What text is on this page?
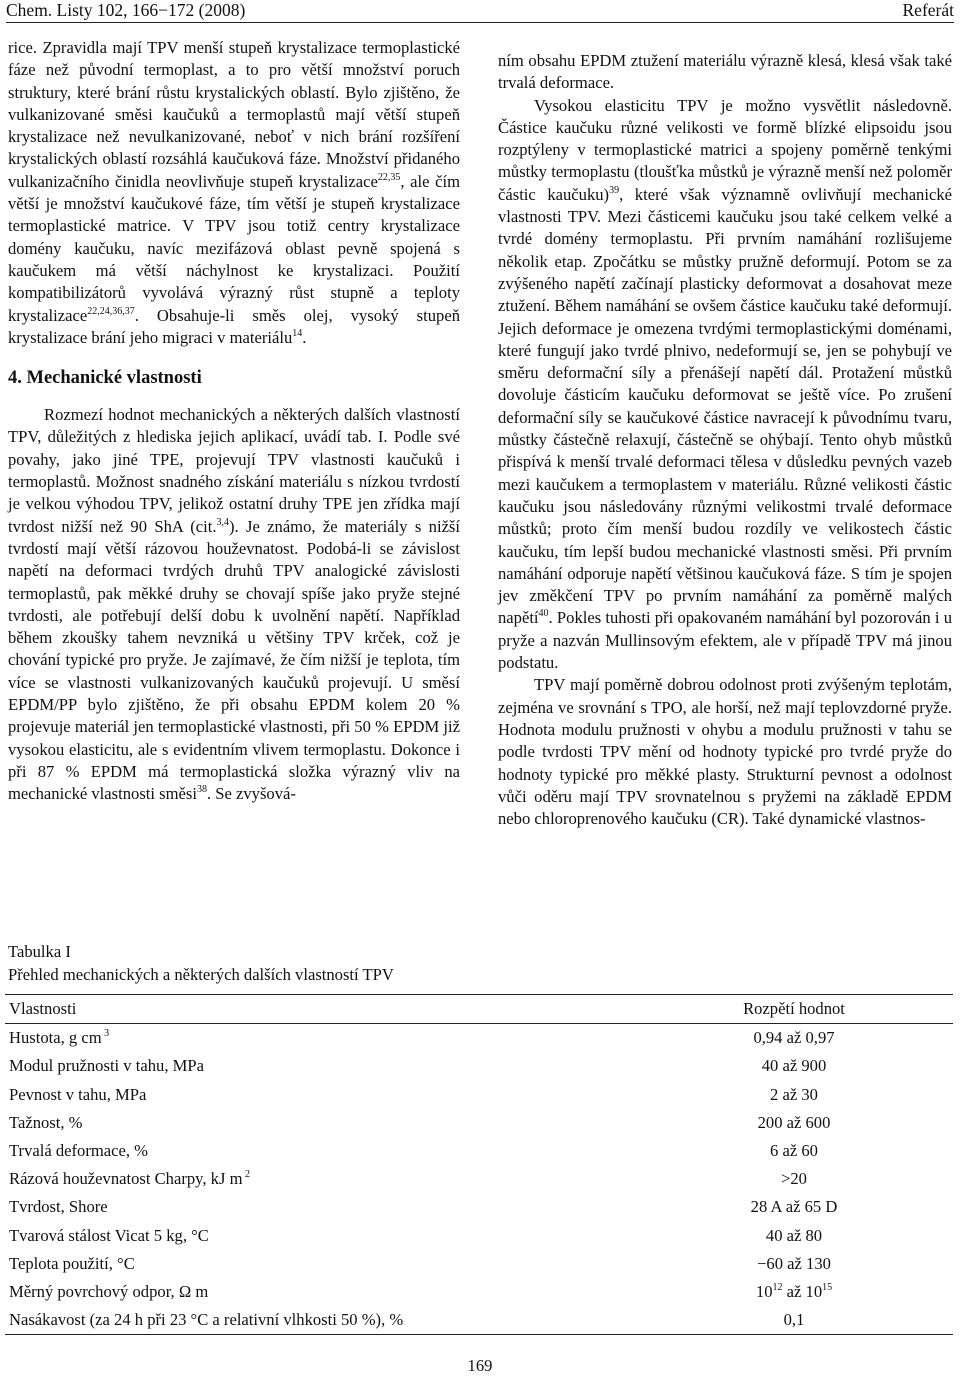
Chem. Listy 102, 166−172 (2008)	Referát

rice. Zpravidla mají TPV menší stupeň krystalizace termoplastické fáze než původní termoplast, a to pro větší množství poruch struktury, které brání růstu krystalických oblastí. Bylo zjištěno, že vulkanizované směsi kaučuků a termoplastů mají větší stupeň krystalizace než nevulkanizované, neboť v nich brání rozšíření krystalických oblastí rozsáhlá kaučuková fáze. Množství přidaného vulkanizačního činidla neovlivňuje stupeň krystalizace$^{22,35}$, ale čím větší je množství kaučukové fáze, tím větší je stupeň krystalizace termoplastické matrice. V TPV jsou totiž centry krystalizace domény kaučuku, navíc mezifázová oblast pevně spojená s kaučukem má větší náchylnost ke krystalizaci. Použití kompatibilizátorů vyvolává výrazný růst stupně a teploty krystalizace$^{22,24,36,37}$. Obsahuje-li směs olej, vysoký stupeň krystalizace brání jeho migraci v materiálu$^{14}$.

4. Mechanické vlastnosti

Rozmezí hodnot mechanických a některých dalších vlastností TPV, důležitých z hlediska jejich aplikací, uvádí tab. I. Podle své povahy, jako jiné TPE, projevují TPV vlastnosti kaučuků i termoplastů. Možnost snadného získání materiálu s nízkou tvrdostí je velkou výhodou TPV, jelikož ostatní druhy TPE jen zřídka mají tvrdost nižší než 90 ShA (cit.$^{3,4}$). Je známo, že materiály s nižší tvrdostí mají větší rázovou houževnatost. Podobá-li se závislost napětí na deformaci tvrdých druhů TPV analogické závislosti termoplastů, pak měkké druhy se chovají spíše jako pryže stejné tvrdosti, ale potřebují delší dobu k uvolnění napětí. Například během zkoušky tahem nevzniká u většiny TPV krček, což je chování typické pro pryže. Je zajímavé, že čím nižší je teplota, tím více se vlastnosti vulkanizovaných kaučuků projevují. U směsí EPDM/PP bylo zjištěno, že při obsahu EPDM kolem 20 % projevuje materiál jen termoplastické vlastnosti, při 50 % EPDM již vysokou elasticitu, ale s evidentním vlivem termoplastu. Dokonce i při 87 % EPDM má termoplastická složka výrazný vliv na mechanické vlastnosti směsi$^{38}$. Se zvyšová-

ním obsahu EPDM ztužení materiálu výrazně klesá, klesá však také trvalá deformace.

Vysokou elasticitu TPV je možno vysvětlit následovně. Částice kaučuku různé velikosti ve formě blízké elipsoidu jsou rozptýleny v termoplastické matrici a spojeny poměrně tenkými můstky termoplastu (tloušťka můstků je výrazně menší než poloměr částic kaučuku)$^{39}$, které však významně ovlivňují mechanické vlastnosti TPV. Mezi částicemi kaučuku jsou také celkem velké a tvrdé domény termoplastu. Při prvním namáhání rozlišujeme několik etap. Zpočátku se můstky pružně deformují. Potom se za zvýšeného napětí začínají plasticky deformovat a dosahovat meze ztužení. Během namáhání se ovšem částice kaučuku také deformují. Jejich deformace je omezena tvrdými termoplastickými doménami, které fungují jako tvrdé plnivo, nedeformují se, jen se pohybují ve směru deformační síly a přenášejí napětí dál. Protažení můstků dovoluje částicím kaučuku deformovat se ještě více. Po zrušení deformační síly se kaučukové částice navracejí k původnímu tvaru, můstky částečně relaxují, částečně se ohýbají. Tento ohyb můstků přispívá k menší trvalé deformaci tělesa v důsledku pevných vazeb mezi kaučukem a termoplastem v materiálu. Různé velikosti částic kaučuku jsou následovány různými velikostmi trvalé deformace můstků; proto čím menší budou rozdíly ve velikostech částic kaučuku, tím lepší budou mechanické vlastnosti směsi. Při prvním namáhání odporuje napětí většinou kaučuková fáze. S tím je spojen jev změkčení TPV po prvním namáhání za poměrně malých napětí$^{40}$. Pokles tuhosti při opakovaném namáhání byl pozorován i u pryže a nazván Mullinsovým efektem, ale v případě TPV má jinou podstatu.

TPV mají poměrně dobrou odolnost proti zvýšeným teplotám, zejména ve srovnání s TPO, ale horší, než mají teplovzdorné pryže. Hodnota modulu pružnosti v ohybu a modulu pružnosti v tahu se podle tvrdosti TPV mění od hodnoty typické pro tvrdé pryže do hodnoty typické pro měkké plasty. Strukturní pevnost a odolnost vůči oděru mají TPV srovnatelnou s pryžemi na základě EPDM nebo chloroprenového kaučuku (CR). Také dynamické vlastnos-

Tabulka I
Přehled mechanických a některých dalších vlastností TPV
Vlastnosti	Rozpětí hodnot
Hustota, g cm $^3$	0,94 až 0,97
Modul pružnosti v tahu, MPa	40 až 900
Pevnost v tahu, MPa	2 až 30
Tažnost, %	200 až 600
Trvalá deformace, %	6 až 60
Rázová houževnatost Charpy, kJ m $^2$	>20
Tvrdost, Shore	28 A až 65 D
Tvarová stálost Vicat 5 kg, °C	40 až 80
Teplota použití, °C	−60 až 130
Měrný povrchový odpor, Ω m	$10^{12}$ až $10^{15}$
Nasákavost (za 24 h při 23 °C a relativní vlhkosti 50 %), %	0,1
169
